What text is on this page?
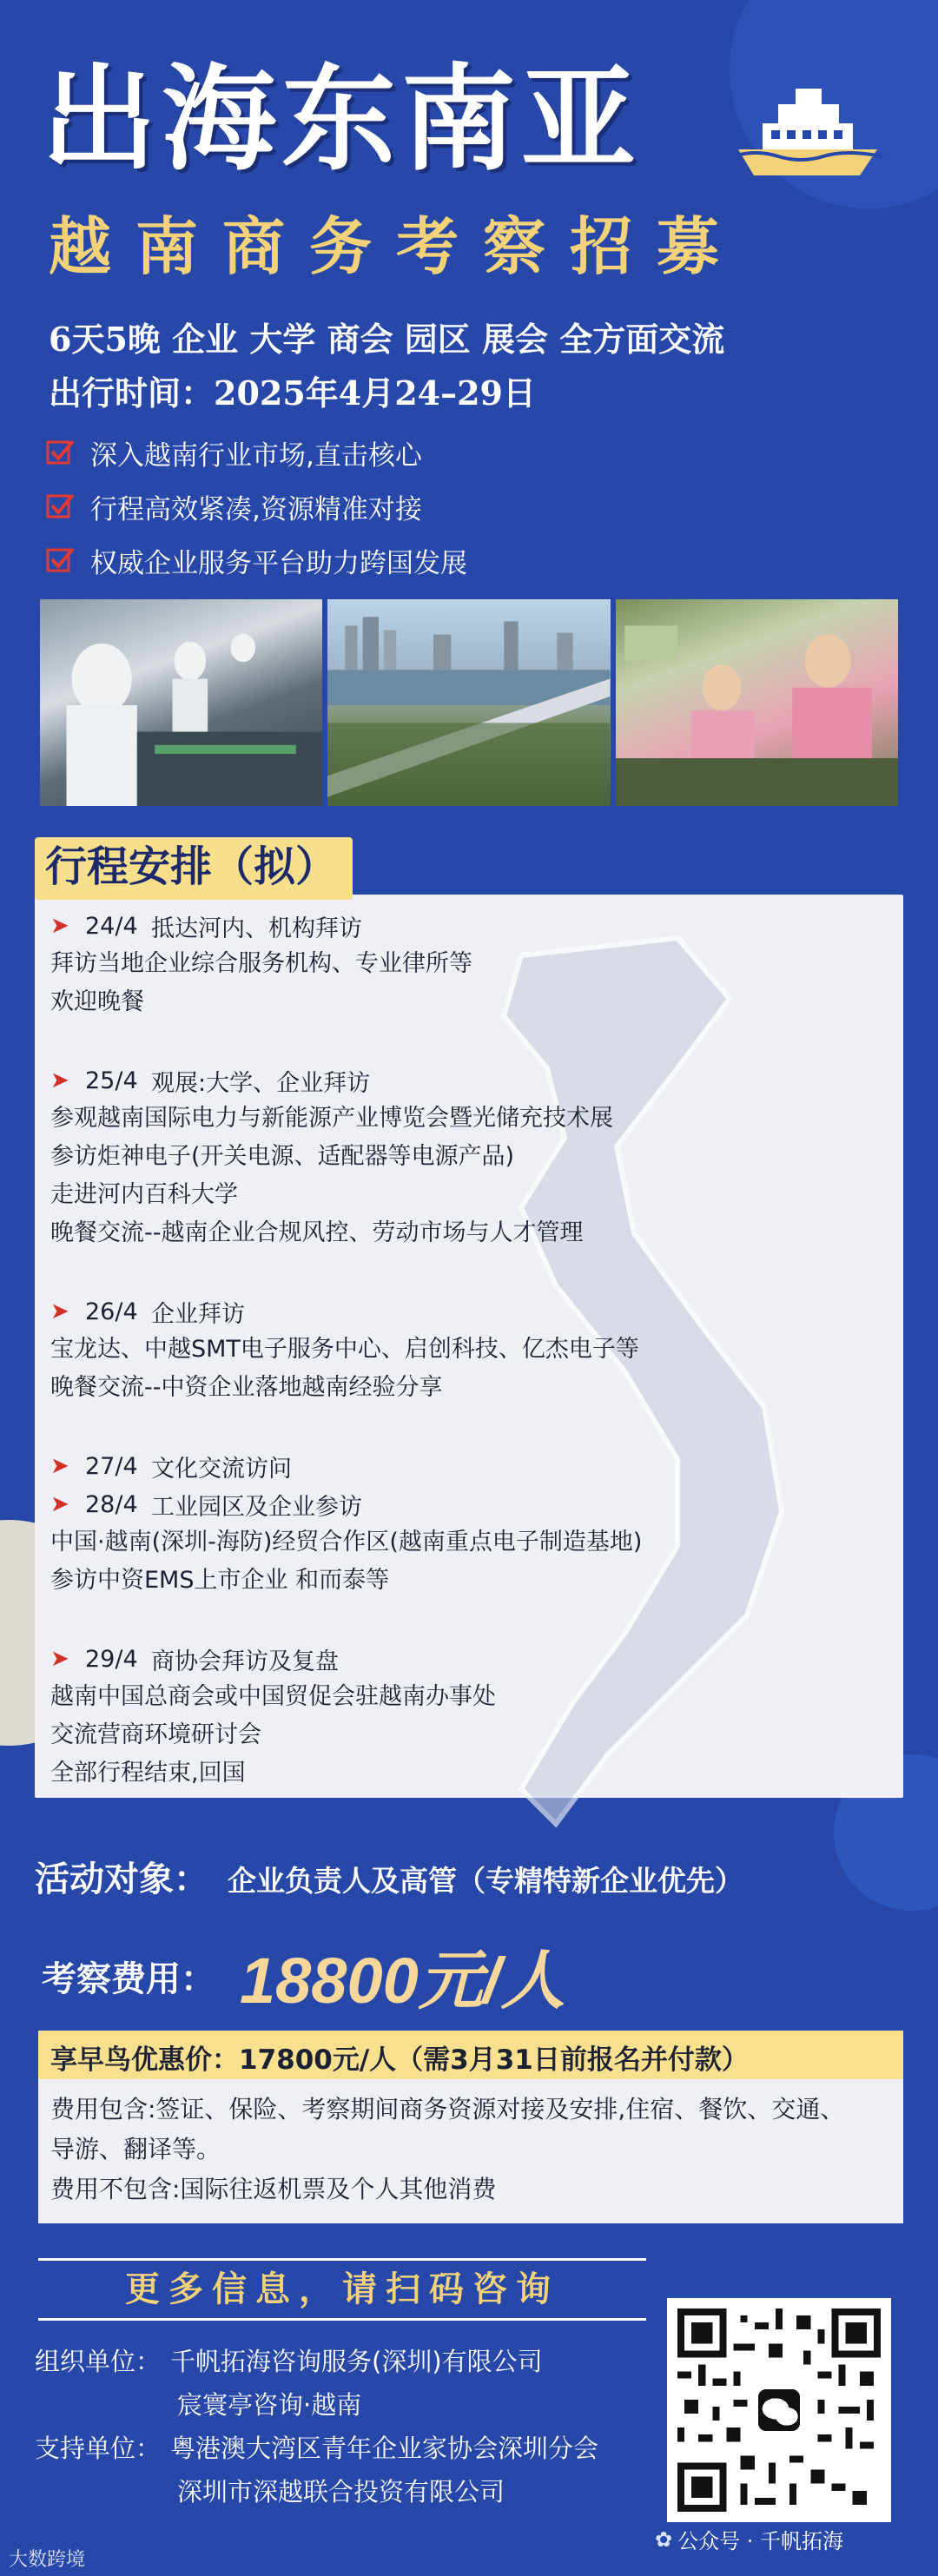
出海东南亚
越南商务考察招募
6天5晚 企业 大学 商会 园区 展会 全方面交流
出行时间：2025年4月24–29日
深入越南行业市场,直击核心
行程高效紧凑,资源精准对接
权威企业服务平台助力跨国发展
行程安排（拟）
➤ 24/4 抵达河内、机构拜访
拜访当地企业综合服务机构、专业律所等
欢迎晚餐
➤ 25/4 观展:大学、企业拜访
参观越南国际电力与新能源产业博览会暨光储充技术展
参访炬神电子(开关电源、适配器等电源产品)
走进河内百科大学
晚餐交流--越南企业合规风控、劳动市场与人才管理
➤ 26/4 企业拜访
宝龙达、中越SMT电子服务中心、启创科技、亿杰电子等
晚餐交流--中资企业落地越南经验分享
➤ 27/4 文化交流访问
➤ 28/4 工业园区及企业参访
中国·越南(深圳-海防)经贸合作区(越南重点电子制造基地)
参访中资EMS上市企业 和而泰等
➤ 29/4 商协会拜访及复盘
越南中国总商会或中国贸促会驻越南办事处
交流营商环境研讨会
全部行程结束,回国
活动对象： 企业负责人及高管（专精特新企业优先）
考察费用： 18800元/人
享早鸟优惠价：17800元/人（需3月31日前报名并付款）
费用包含:签证、保险、考察期间商务资源对接及安排,住宿、餐饮、交通、
导游、翻译等。
费用不包含:国际往返机票及个人其他消费
更多信息，请扫码咨询
组织单位： 千帆拓海咨询服务(深圳)有限公司
宸寰亭咨询·越南
支持单位： 粤港澳大湾区青年企业家协会深圳分会
深圳市深越联合投资有限公司
✿ 公众号 · 千帆拓海
大数跨境
